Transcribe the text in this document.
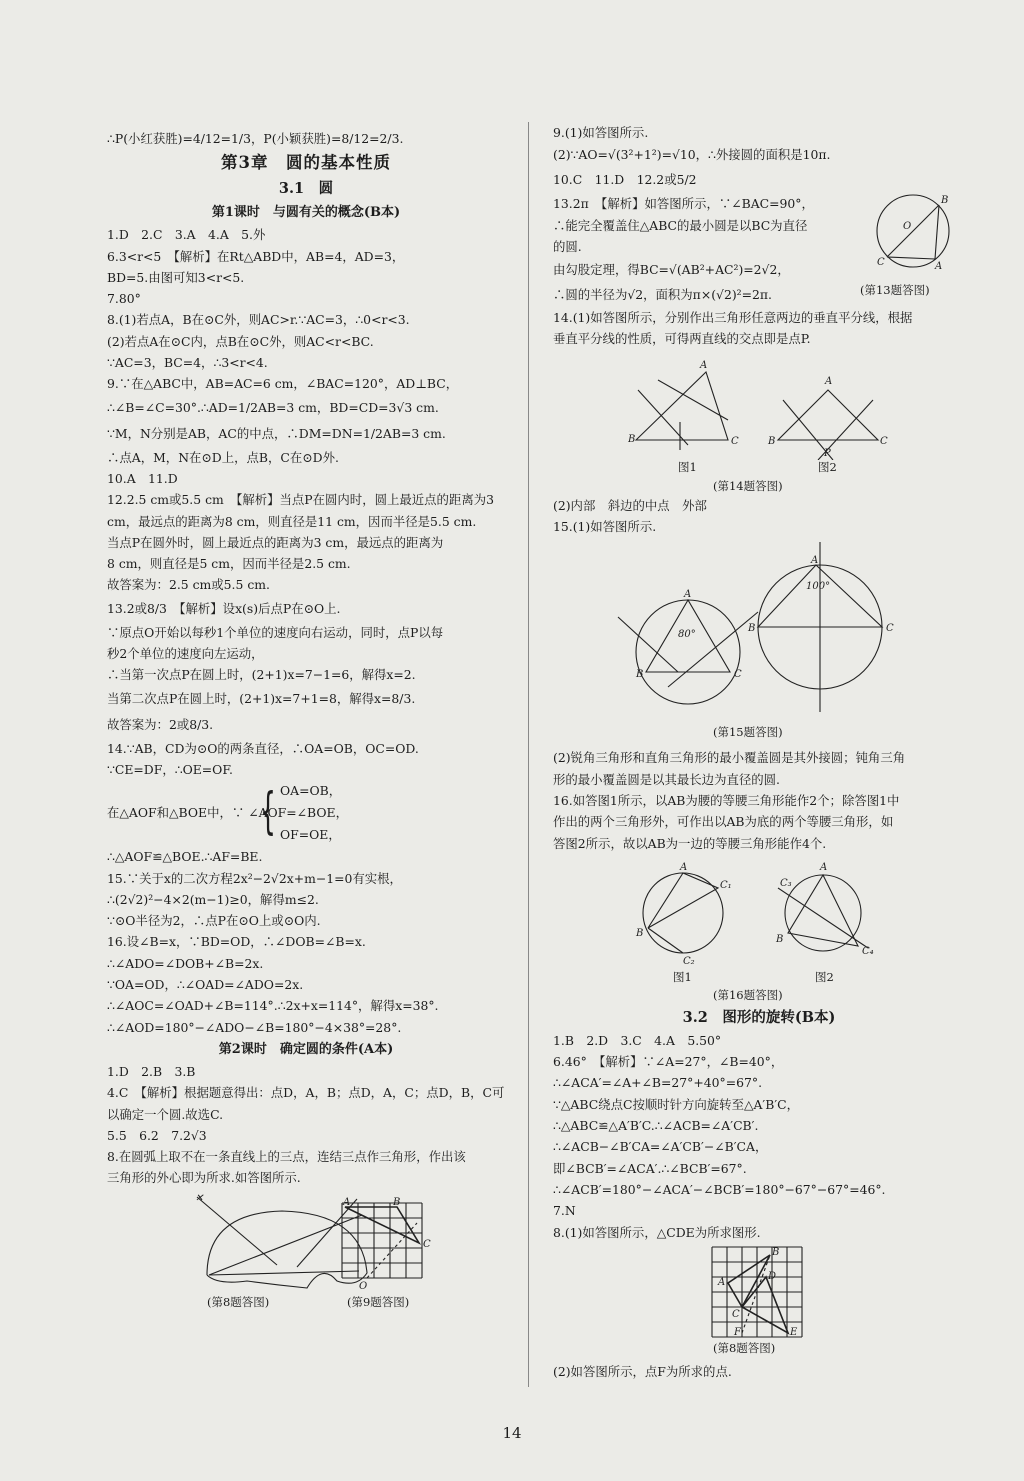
∴P(小红获胜)=4/12=1/3，P(小颖获胜)=8/12=2/3.
第3章　圆的基本性质
3.1　圆
第1课时　与圆有关的概念(B本)
1.D　2.C　3.A　4.A　5.外
6.3<r<5　【解析】在Rt△ABD中，AB=4，AD=3，
BD=5.由图可知3<r<5.
7.80°
8.(1)若点A，B在⊙C外，则AC>r.∵AC=3，∴0<r<3.
(2)若点A在⊙C内，点B在⊙C外，则AC<r<BC.
∵AC=3，BC=4，∴3<r<4.
9.∵在△ABC中，AB=AC=6 cm，∠BAC=120°，AD⊥BC，
∴∠B=∠C=30°.∴AD=1/2AB=3 cm，BD=CD=3√3 cm.
∵M，N分别是AB，AC的中点，∴DM=DN=1/2AB=3 cm.
∴点A，M，N在⊙D上，点B，C在⊙D外.
10.A　11.D
12.2.5 cm或5.5 cm　【解析】当点P在圆内时，圆上最近点的距离为3
cm，最远点的距离为8 cm，则直径是11 cm，因而半径是5.5 cm.
当点P在圆外时，圆上最近点的距离为3 cm，最远点的距离为
8 cm，则直径是5 cm，因而半径是2.5 cm.
故答案为：2.5 cm或5.5 cm.
13.2或8/3　【解析】设x(s)后点P在⊙O上.
∵原点O开始以每秒1个单位的速度向右运动，同时，点P以每
秒2个单位的速度向左运动，
∴当第一次点P在圆上时，(2+1)x=7−1=6，解得x=2.
当第二次点P在圆上时，(2+1)x=7+1=8，解得x=8/3.
故答案为：2或8/3.
14.∵AB，CD为⊙O的两条直径，∴OA=OB，OC=OD.
∵CE=DF，∴OE=OF.
{ OA=OB，
在△AOF和△BOE中，∵ ∠AOF=∠BOE，
OF=OE，
∴△AOF≌△BOE.∴AF=BE.
15.∵关于x的二次方程2x²−2√2x+m−1=0有实根，
∴(2√2)²−4×2(m−1)≥0，解得m≤2.
∵⊙O半径为2，∴点P在⊙O上或⊙O内.
16.设∠B=x，∵BD=OD，∴∠DOB=∠B=x.
∴∠ADO=∠DOB+∠B=2x.
∵OA=OD，∴∠OAD=∠ADO=2x.
∴∠AOC=∠OAD+∠B=114°.∴2x+x=114°，解得x=38°.
∴∠AOD=180°−∠ADO−∠B=180°−4×38°=28°.
第2课时　确定圆的条件(A本)
1.D　2.B　3.B
4.C　【解析】根据题意得出：点D，A，B；点D，A，C；点D，B，C可
以确定一个圆.故选C.
5.5　6.2　7.2√3
8.在圆弧上取不在一条直线上的三点，连结三点作三角形，作出该
三角形的外心即为所求.如答图所示.
✕	A	B
C
O
(第8题答图)	(第9题答图)
9.(1)如答图所示.
(2)∵AO=√(3²+1²)=√10，∴外接圆的面积是10π.
10.C　11.D　12.2或5/2
13.2π　【解析】如答图所示，∵∠BAC=90°，
∴能完全覆盖住△ABC的最小圆是以BC为直径
的圆.
由勾股定理，得BC=√(AB²+AC²)=2√2，
∴圆的半径为√2，面积为π×(√2)²=2π.
B
O
C	A
(第13题答图)
14.(1)如答图所示，分别作出三角形任意两边的垂直平分线，根据
垂直平分线的性质，可得两直线的交点即是点P.
A
B	C
A
B	C
P
图1	图2
(第14题答图)
(2)内部　斜边的中点　外部
15.(1)如答图所示.
A
80°
B	C
A
100°
B	C
(第15题答图)
(2)锐角三角形和直角三角形的最小覆盖圆是其外接圆；钝角三角
形的最小覆盖圆是以其最长边为直径的圆.
16.如答图1所示，以AB为腰的等腰三角形能作2个；除答图1中
作出的两个三角形外，可作出以AB为底的两个等腰三角形，如
答图2所示，故以AB为一边的等腰三角形能作4个.
A
B
C₁
C₂
A
B
C₃
C₄
图1	图2
(第16题答图)
3.2　图形的旋转(B本)
1.B　2.D　3.C　4.A　5.50°
6.46°　【解析】∵∠A=27°，∠B=40°，
∴∠ACA′=∠A+∠B=27°+40°=67°.
∵△ABC绕点C按顺时针方向旋转至△A′B′C，
∴△ABC≌△A′B′C.∴∠ACB=∠A′CB′.
∴∠ACB−∠B′CA=∠A′CB′−∠B′CA，
即∠BCB′=∠ACA′.∴∠BCB′=67°.
∴∠ACB′=180°−∠ACA′−∠BCB′=180°−67°−67°=46°.
7.N
8.(1)如答图所示，△CDE为所求图形.
B
A
D
C
F	E
(第8题答图)
(2)如答图所示，点F为所求的点.
14
